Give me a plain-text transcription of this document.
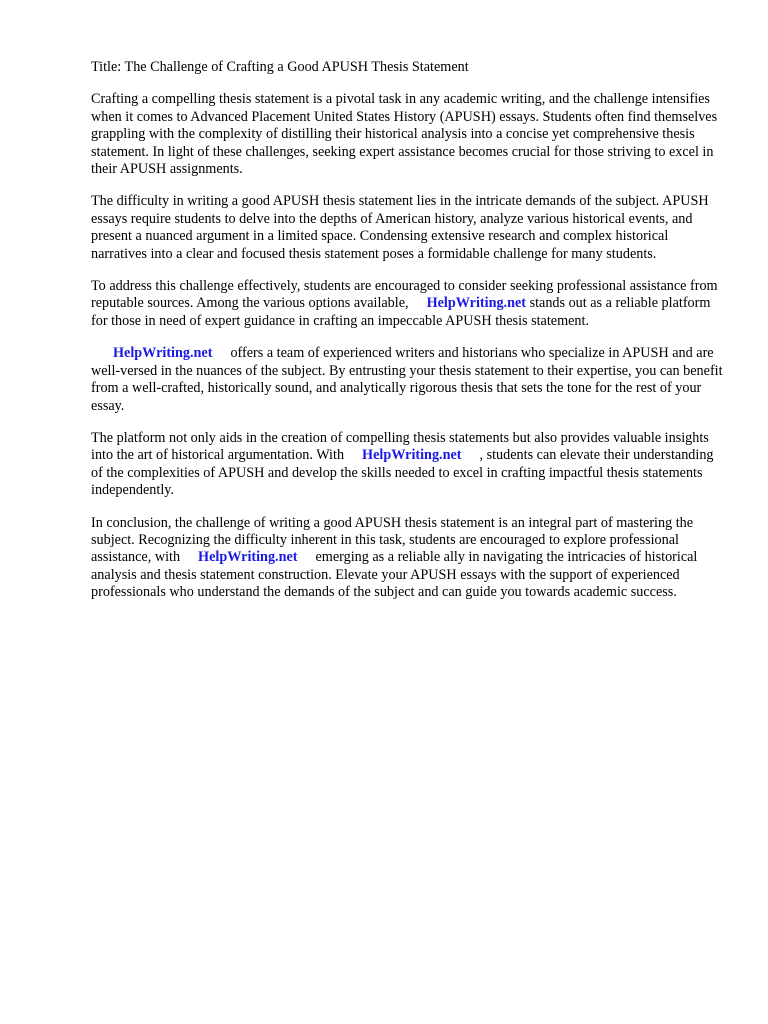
Title: The Challenge of Crafting a Good APUSH Thesis Statement

Crafting a compelling thesis statement is a pivotal task in any academic writing, and the challenge intensifies when it comes to Advanced Placement United States History (APUSH) essays. Students often find themselves grappling with the complexity of distilling their historical analysis into a concise yet comprehensive thesis statement. In light of these challenges, seeking expert assistance becomes crucial for those striving to excel in their APUSH assignments.

The difficulty in writing a good APUSH thesis statement lies in the intricate demands of the subject. APUSH essays require students to delve into the depths of American history, analyze various historical events, and present a nuanced argument in a limited space. Condensing extensive research and complex historical narratives into a clear and focused thesis statement poses a formidable challenge for many students.

To address this challenge effectively, students are encouraged to consider seeking professional assistance from reputable sources. Among the various options available, HelpWriting.net stands out as a reliable platform for those in need of expert guidance in crafting an impeccable APUSH thesis statement.

HelpWriting.net offers a team of experienced writers and historians who specialize in APUSH and are well-versed in the nuances of the subject. By entrusting your thesis statement to their expertise, you can benefit from a well-crafted, historically sound, and analytically rigorous thesis that sets the tone for the rest of your essay.

The platform not only aids in the creation of compelling thesis statements but also provides valuable insights into the art of historical argumentation. With HelpWriting.net , students can elevate their understanding of the complexities of APUSH and develop the skills needed to excel in crafting impactful thesis statements independently.

In conclusion, the challenge of writing a good APUSH thesis statement is an integral part of mastering the subject. Recognizing the difficulty inherent in this task, students are encouraged to explore professional assistance, with HelpWriting.net emerging as a reliable ally in navigating the intricacies of historical analysis and thesis statement construction. Elevate your APUSH essays with the support of experienced professionals who understand the demands of the subject and can guide you towards academic success.
